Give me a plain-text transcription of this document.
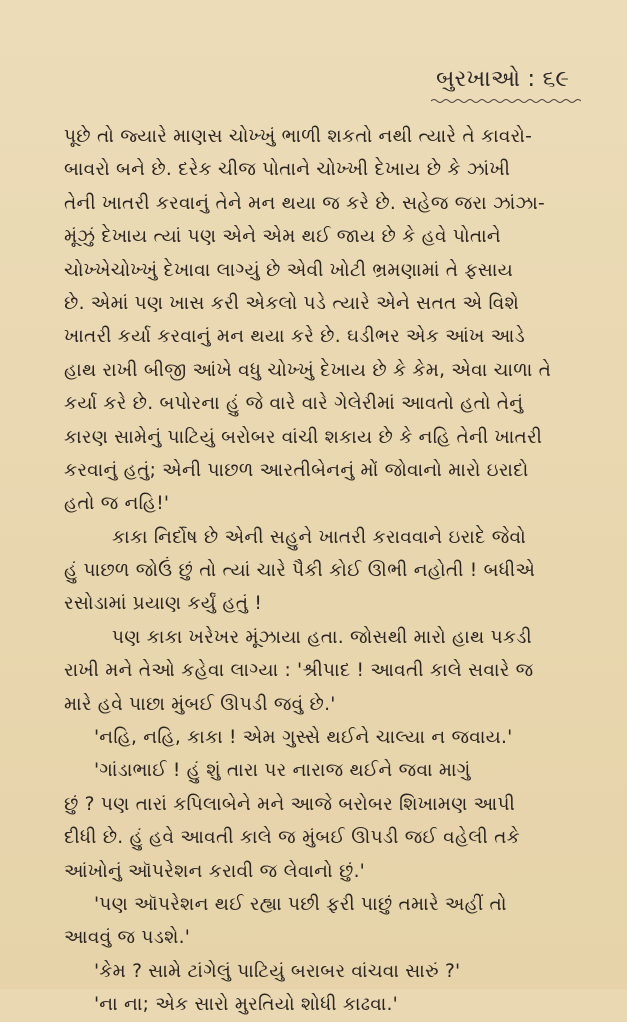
બુરખાઓ : ૬૯
પૂછે તો જ્યારે માણસ ચોખ્ખું ભાળી શકતો નથી ત્યારે તે કાવરો-
બાવરો બને છે. દરેક ચીજ પોતાને ચોખ્ખી દેખાય છે કે ઝાંખી
તેની ખાતરી કરવાનું તેને મન થયા જ કરે છે. સહેજ જરા ઝાંઝા-
મૂંઝું દેખાય ત્યાં પણ એને એમ થઈ જાય છે કે હવે પોતાને
ચોખ્ખેચોખ્ખું દેખાવા લાગ્યું છે એવી ખોટી ભ્રમણામાં તે ફસાય
છે. એમાં પણ ખાસ કરી એકલો પડે ત્યારે એને સતત એ વિશે
ખાતરી કર્યા કરવાનું મન થયા કરે છે. ઘડીભર એક આંખ આડે
હાથ રાખી બીજી આંખે વધુ ચોખ્ખું દેખાય છે કે કેમ, એવા ચાળા તે
કર્યા કરે છે. બપોરના હું જે વારે વારે ગેલેરીમાં આવતો હતો તેનું
કારણ સામેનું પાટિયું બરોબર વાંચી શકાય છે કે નહિ તેની ખાતરી
કરવાનું હતું; એની પાછળ આરતીબેનનું મોં જોવાનો મારો ઇરાદો
હતો જ નહિ!'
કાકા નિર્દોષ છે એની સહુને ખાતરી કરાવવાને ઇરાદે જેવો
હું પાછળ જોઉં છું તો ત્યાં ચારે પૈકી કોઈ ઊભી નહોતી ! બધીએ
રસોડામાં પ્રયાણ કર્યું હતું !
પણ કાકા ખરેખર મૂંઝાયા હતા. જોસથી મારો હાથ પકડી
રાખી મને તેઓ કહેવા લાગ્યા : 'શ્રીપાદ ! આવતી કાલે સવારે જ
મારે હવે પાછા મુંબઈ ઊપડી જવું છે.'
'નહિ, નહિ, કાકા ! એમ ગુસ્સે થઈને ચાલ્યા ન જવાય.'
'ગાંડાભાઈ ! હું શું તારા પર નારાજ થઈને જવા માગું
છું ? પણ તારાં કપિલાબેને મને આજે બરોબર શિખામણ આપી
દીધી છે. હું હવે આવતી કાલે જ મુંબઈ ઊપડી જઈ વહેલી તકે
આંખોનું ઑપરેશન કરાવી જ લેવાનો છું.'
'પણ ઑપરેશન થઈ રહ્યા પછી ફરી પાછું તમારે અહીં તો
આવવું જ પડશે.'
'કેમ ? સામે ટાંગેલું પાટિયું બરાબર વાંચવા સારું ?'
'ના ના; એક સારો મુરતિયો શોધી કાઢવા.'
